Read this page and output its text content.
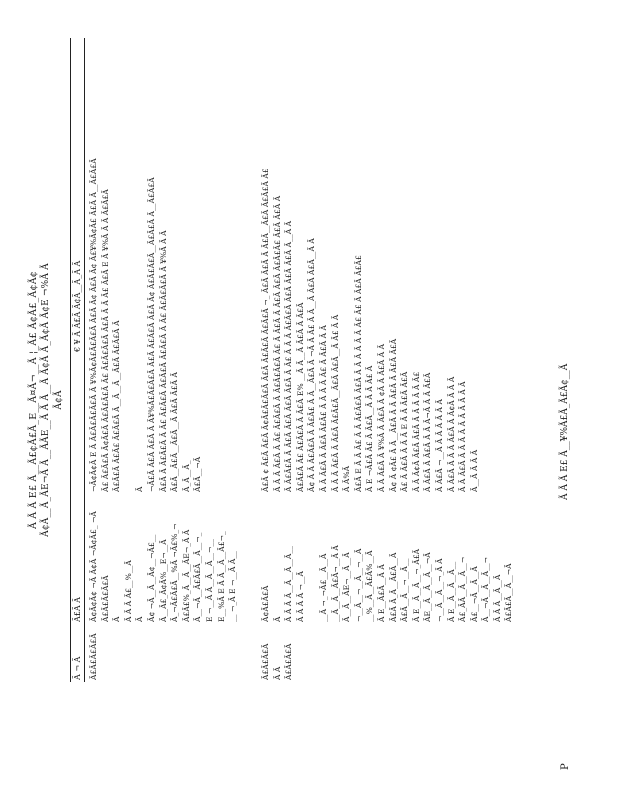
Ã Ã Ã E£ Ã__Ã£¢Ã£Ã_E__Ã¤Ã¬__Ã ¦_Ã£ Ã¢Ã£_Ã¢Ã¢ Ã¢Ã__Ã_ÃE¬Ã Ã__ÃÃE__Ã Ã Ã__Ã Ã¢Ã Ã_Ã¢Ã Ã¢E ¬%Ã Ã Ã¢Ã
Ã ¬ Ã
Ã£Ã Ã
€ ¥ Ã Ã£Ã Ã¢Ã__Ã_Ã Ã
Ã£Ã£Ã£Ã£Ã
Ã¢Ã¢Ã¢ ¬Ã Ã¢Ã ¬Ã¢Ã£_ ¬Ã Ã£Ã£Ã£Ã£Ã Ã Ã Ã Ã Ã£__%__Ã Ã Ã¢ ¬Ã__Ã__Ã¢__¬Ã£__ Ã__Ã£_Ã¢Ã%__E¬__Ã Ã_¬Ã£Ã£Ã__%Ã ¬Ã£%_¬ Ã£Ã£%_Ã__Ã__ÃE¬_Ã Ã Ã__¬Ã__Ã£Ã£Ã__Ã__¬_ E ¬__Ã Ã__Ã__Ã__¬__ E__%Ã E Ã Ã__Ã__Ã£¬_ __ ¬_Ã E ¬__Ã Ã__
¬Ã¢Ã¢Ã E Ã Ã£Ã£Ã£Ã£Ã Ã ¥%Ã¢Ã£Ã£Ã£Ã Ã£Ã Ã¢ Ã£Ã Ã¢ Ã£¥%Ã¢Ã£ Ã£Ã Ã__Ã£Ã£Ã Ã£ Ã£Ã£Ã Ã¢Ã£Ã Ã£Ã£Ã£Ã Ã£ Ã£Ã£Ã£Ã Ã£Ã Ã Ã Ã£ Ã£Ã E Ã ¥%Ã Ã Ã Ã£Ã£Ã Ã£Ã£Ã Ã£Ã£ Ã£Ã£Ã Ã__Ã__Ã__Ã£Ã Ã£Ã£Ã Ã
Ã ¬Ã£Ã Ã£Ã Ã£Ã Ã Ã¥%Ã£Ã£Ã£Ã Ã£Ã Ã£Ã£Ã Ã£Ã Ã¢ Ã£Ã£Ã£Ã__Ã£Ã£Ã Ã__Ã£Ã£Ã Ã£Ã Ã Ã£Ã£Ã Ã Ã£ Ã£Ã£Ã Ã£Ã£Ã Ã£Ã£Ã Ã Ã£ Ã£Ã£Ã£Ã Ã ¥%Ã Ã Ã Ã£Ã__Ã£Ã__Ã£Ã__Ã Ã£Ã Ã£Ã Ã Ã_Ã__Ã_ Ã£Ã__¬Ã

Ã£Ã£Ã£Ã Ã Ã Ã£Ã£Ã£Ã
Ã¢Ã£Ã£Ã Ã Ã Ã Ã Ã__Ã__Ã__Ã__ Ã Ã Ã Ã ¬__Ã
__Ã ¬_¬Ã£__Ã__Ã __Ã__Ã__Ã£Ã¬__Ã Ã Ã__Ã__ÃE¬__Ã__Ã ¬__Ã__¬__Ã__¬__Ã __%__Ã__Ã£Ã%__Ã Ã E__Ã£Ã__Ã Ã Ã£Ã Ã_Ã__Ã£Ã__Ã Ã£Ã__Ã__¬__Ã__ Ã E__Ã__Ã__¬_Ã£Ã ÃE__Ã__Ã__Ã__¬Ã ¬__Ã__Ã__¬_Ã Ã Ã E__Ã__Ã__Ã__ Ã£_ÃÃ__Ã__Ã__¬ Ã£__¬Ã__Ã__Ã Ã__¬Ã__Ã__Ã__¬ Ã Ã Ã__Ã__Ã Ã£Ã£Ã__Ã__¬Ã
Ã£Ã ¢ Ã£Ã Ã£Ã Ã¢Ã£Ã£Ã£Ã Ã£Ã Ã£Ã£Ã Ã£Ã£Ã ¬_ Ã£Ã Ã£Ã Ã Ã£Ã__Ã£Ã Ã£Ã£Ã Ã£ Ã Ã Ã Ã£Ã Ã Ã£ Ã£Ã£Ã Ã Ã£Ã£Ã£Ã Ã£ Ã Ã£Ã Ã Ã£Ã Ã£Ã Ã£Ã£Ã£ Ã£Ã Ã£Ã Ã Ã Ã£Ã£Ã Ã Ã£Ã Ã£Ã Ã£Ã Ã£Ã Ã Ã£ Ã Ã Ã Ã£Ã£Ã Ã£Ã Ã£Ã Ã£Ã Ã__Ã Ã Ã£Ã£Ã Ã£ Ã£Ã£Ã Ã Ã£Ã E% __Ã Ã__Ã Ã£Ã Ã Ã£Ã Ã¢ Ã Ã Ã£Ã£Ã Ã Ã£Ã£ Ã Ã__Ã£Ã Ã ¬Ã Ã Ã£ Ã Ã__Ã Ã£Ã Ã£Ã__Ã Ã Ã Ã Ã£Ã Ã Ã£Ã Ã£Ã£ Ã Ã Ã Ã Ã£ Ã Ã£Ã Ã Ã Ã Ã Ã Ã£Ã Ã Ã£Ã Ã£Ã£Ã__Ã£Ã Ã£Ã__Ã Ã£ Ã Ã Ã Ã%Ã Ã£Ã E Ã Ã Ã£ Ã Ã Ã£Ã£Ã Ã£Ã Ã Ã Ã Ã Ã Ã Ã£ Ã£ Ã Ã£Ã Ã£Ã£ Ã E ¬Ã£Ã Ã£ Ã Ã£Ã__Ã Ã Ã Ã£ Ã Ã Ã Ã£Ã Ã ¥%Ã Ã Ã£Ã Ã ¢Ã Ã Ã£Ã Ã Ã Ã¢ Ã ¢Ã£ Ã Ã__Ã£Ã Ã Ã Ã£Ã Ã Ã£Ã Ã£Ã Ã£ Ã Ã£Ã Ã Ã Ã E Ã Ã Ã£Ã Ã£Ã Ã Ã Ã¢Ã Ã£Ã Ã£Ã Ã Ã Ã Ã Ã Ã£ Ã Ã£Ã Ã Ã£Ã Ã Ã Ã¬Ã Ã Ã Ã£Ã Ã Ã£Ã ¬__Ã Ã Ã Ã Ã Ã Ã Ã Ã£Ã Ã Ã Ã Ã£Ã Ã Ã¢Ã Ã Ã Ã Ã Ã Ã£Ã Ã Ã Ã Ã Ã Ã Ã Ã Ã Ã Ã__Ã Ã Ã Ã

P
Ã Ã Ã E£ Ã__¥%Ã£Ã_Ã£Ã¢__Ã
